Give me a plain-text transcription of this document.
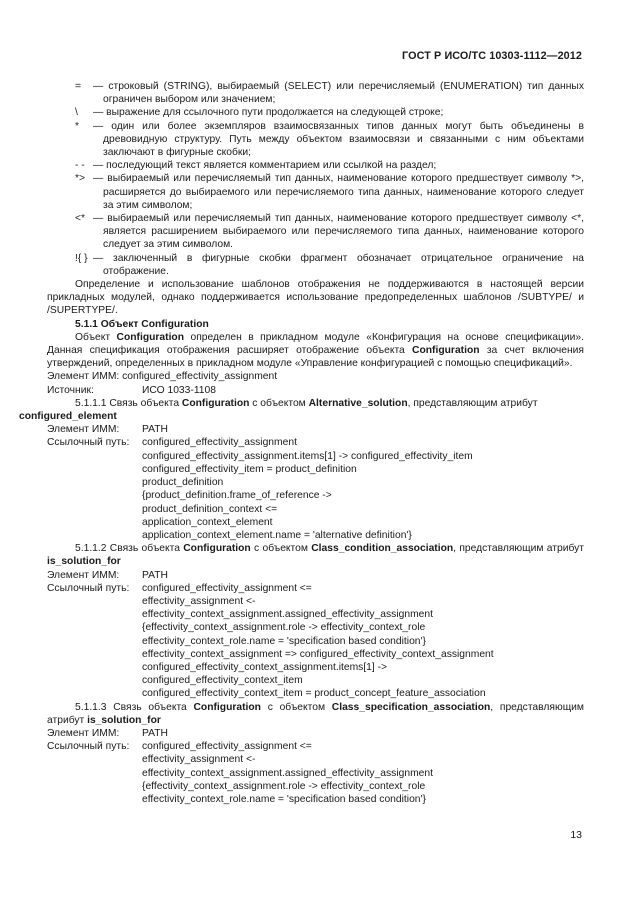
ГОСТ Р ИСО/ТС 10303-1112—2012
=	— строковый (STRING), выбираемый (SELECT) или перечисляемый (ENUMERATION) тип данных ограничен выбором или значением;
\	— выражение для ссылочного пути продолжается на следующей строке;
*	— один или более экземпляров взаимосвязанных типов данных могут быть объединены в древовидную структуру. Путь между объектом взаимосвязи и связанными с ним объектами заключают в фигурные скобки;
- - — последующий текст является комментарием или ссылкой на раздел;
*> — выбираемый или перечисляемый тип данных, наименование которого предшествует символу *>, расширяется до выбираемого или перечисляемого типа данных, наименование которого следует за этим символом;
<* — выбираемый или перечисляемый тип данных, наименование которого предшествует символу <*, является расширением выбираемого или перечисляемого типа данных, наименование которого следует за этим символом.
!{ } — заключенный в фигурные скобки фрагмент обозначает отрицательное ограничение на отображение.

Определение и использование шаблонов отображения не поддерживаются в настоящей версии прикладных модулей, однако поддерживается использование предопределенных шаблонов /SUBTYPE/ и /SUPERTYPE/.

5.1.1 Объект Configuration

Объект Configuration определен в прикладном модуле «Конфигурация на основе спецификации». Данная спецификация отображения расширяет отображение объекта Configuration за счет включения утверждений, определенных в прикладном модуле «Управление конфигурацией с помощью спецификаций».

Элемент ИММ: configured_effectivity_assignment

Источник:	ИСО 1033-1108

5.1.1.1 Связь объекта Configuration с объектом Alternative_solution, представляющим атрибут
configured_element

Элемент ИММ:	PATH
Ссылочный путь:	configured_effectivity_assignment
configured_effectivity_assignment.items[1] -> configured_effectivity_item
configured_effectivity_item = product_definition
product_definition
{product_definition.frame_of_reference ->
product_definition_context <=
application_context_element
application_context_element.name = 'alternative definition'}

5.1.1.2 Связь объекта Configuration с объектом Class_condition_association, представляющим атрибут is_solution_for

Элемент ИММ:	PATH
Ссылочный путь:	configured_effectivity_assignment <=
effectivity_assignment <-
effectivity_context_assignment.assigned_effectivity_assignment
{effectivity_context_assignment.role -> effectivity_context_role
effectivity_context_role.name = 'specification based condition'}
effectivity_context_assignment => configured_effectivity_context_assignment
configured_effectivity_context_assignment.items[1] ->
configured_effectivity_context_item
configured_effectivity_context_item = product_concept_feature_association

5.1.1.3 Связь объекта Configuration с объектом Class_specification_association, представляющим атрибут is_solution_for

Элемент ИММ:	PATH
Ссылочный путь:	configured_effectivity_assignment <=
effectivity_assignment <-
effectivity_context_assignment.assigned_effectivity_assignment
{effectivity_context_assignment.role -> effectivity_context_role
effectivity_context_role.name = 'specification based condition'}
13
